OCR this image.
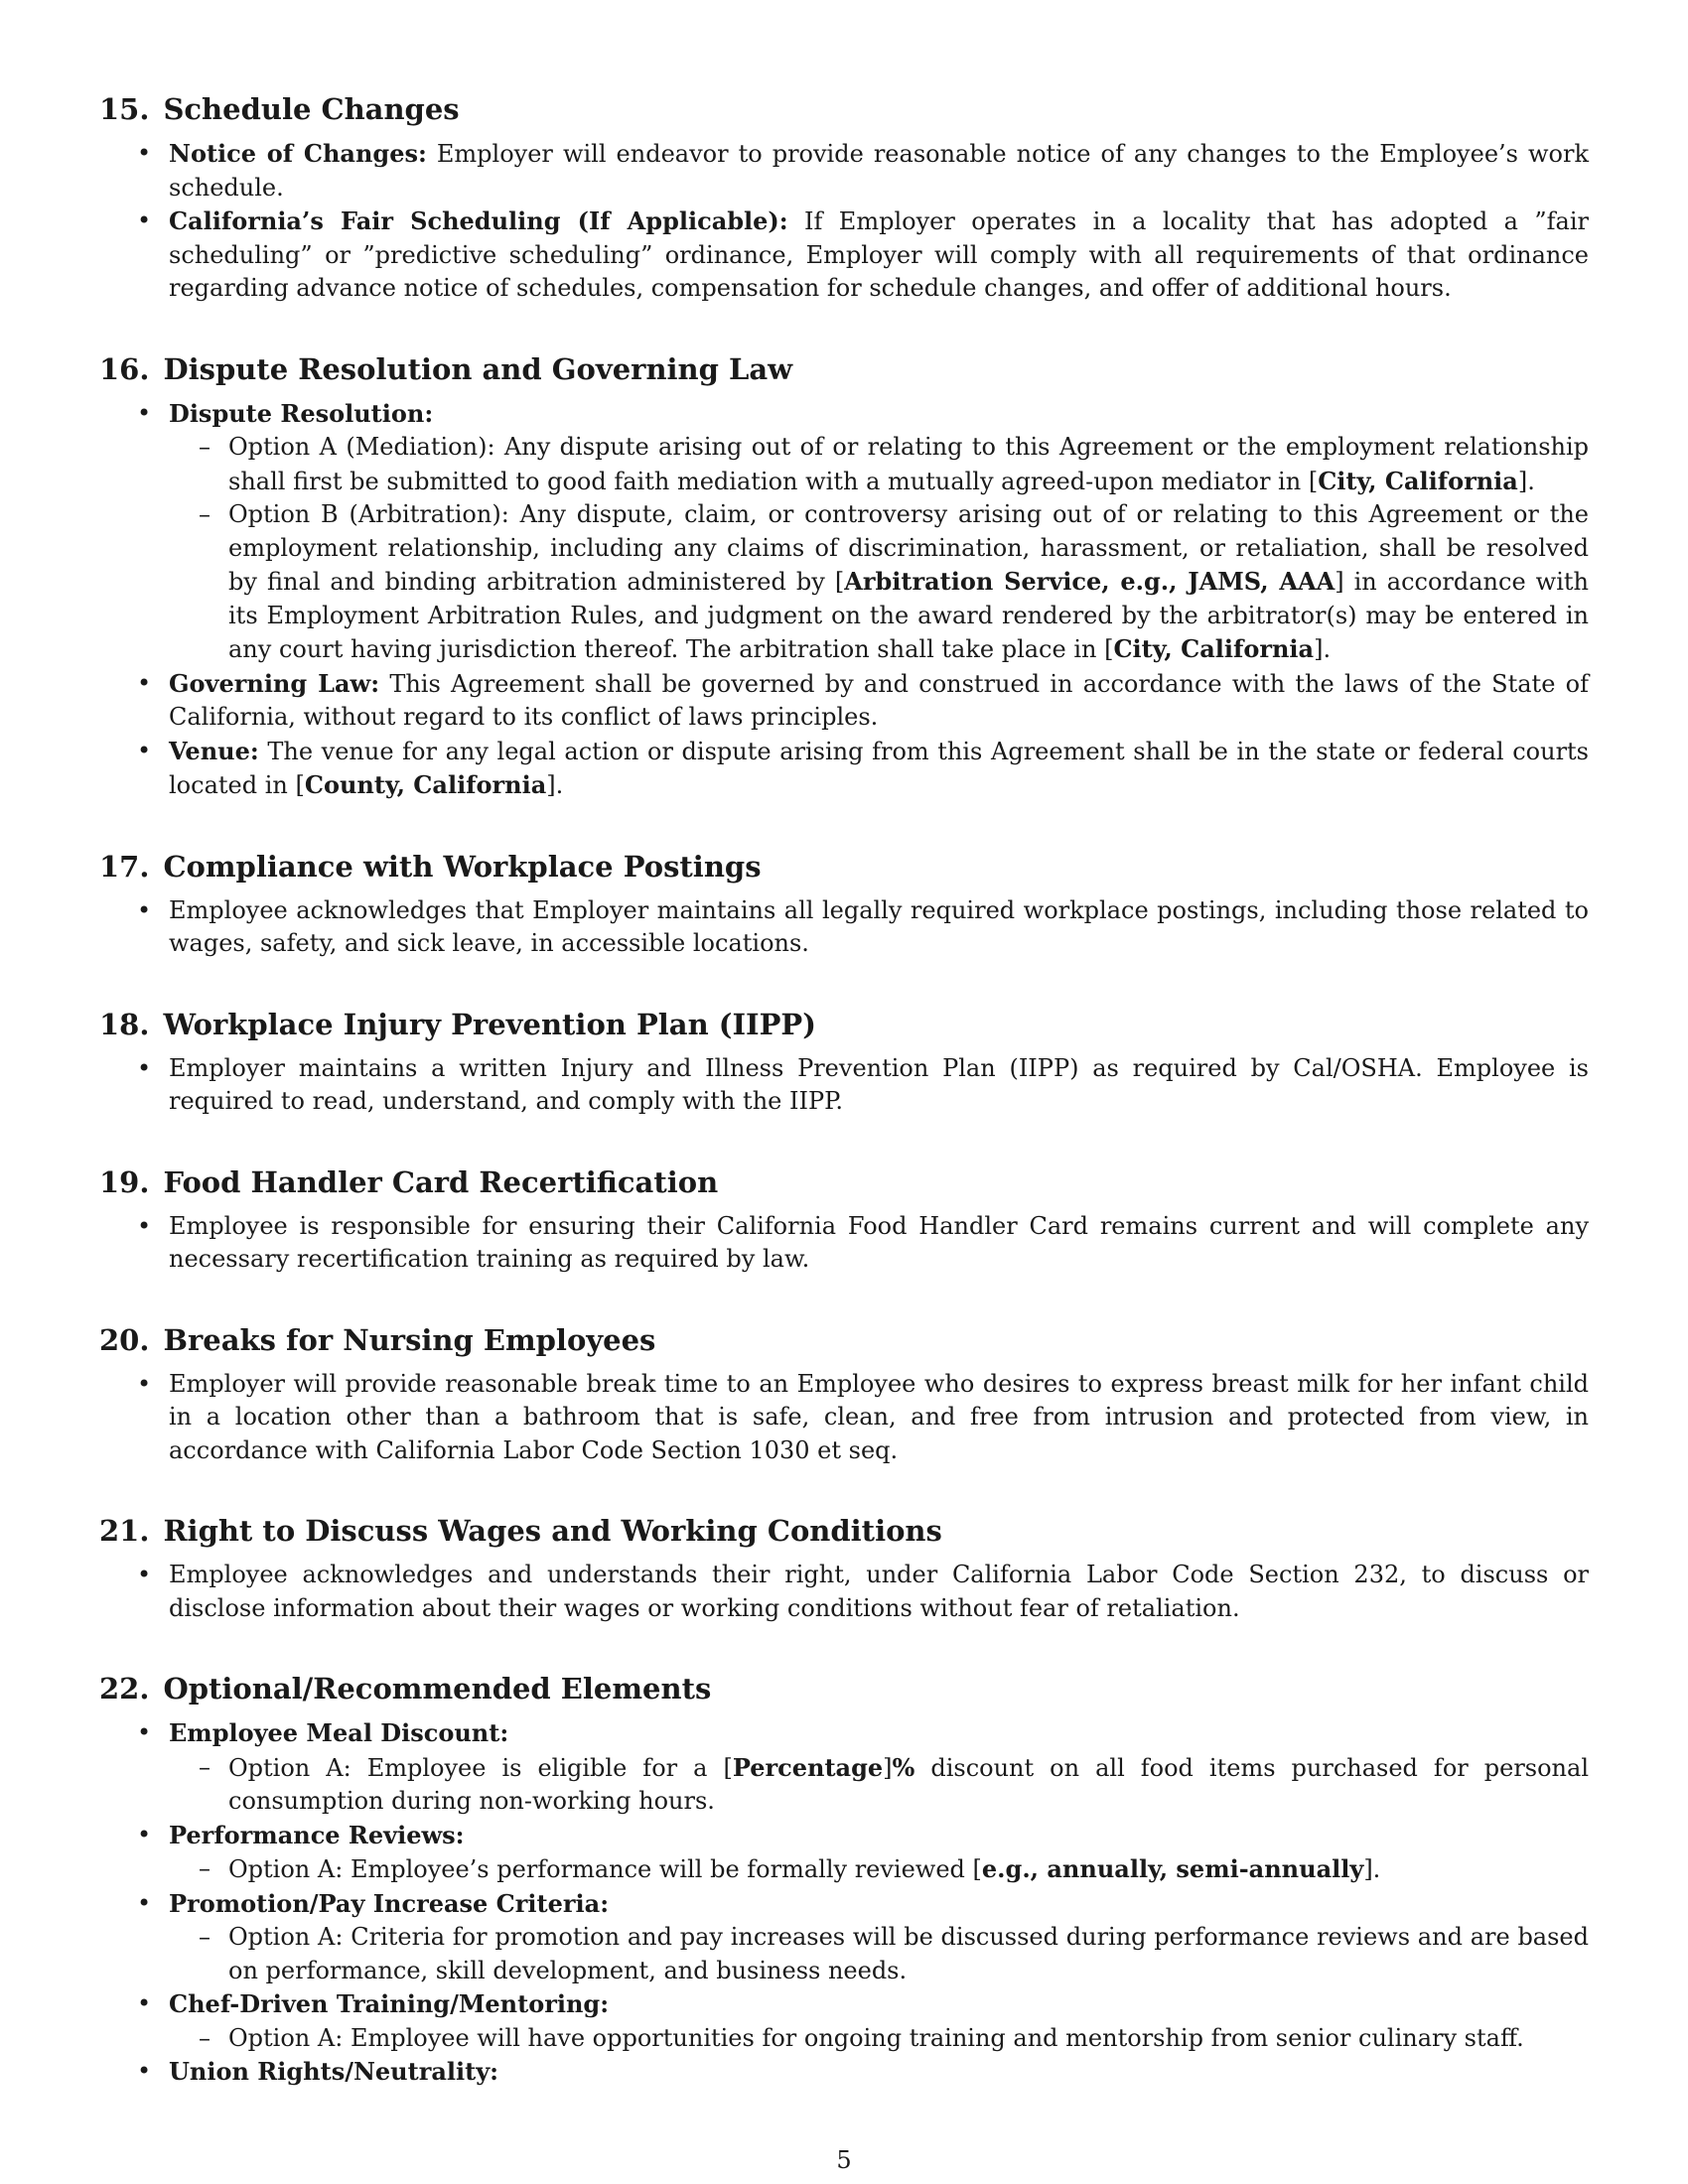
15. Schedule Changes
• Notice of Changes: Employer will endeavor to provide reasonable notice of any changes to the Employee’s work schedule.
• California’s Fair Scheduling (If Applicable): If Employer operates in a locality that has adopted a ”fair scheduling” or ”predictive scheduling” ordinance, Employer will comply with all requirements of that ordinance regarding advance notice of schedules, compensation for schedule changes, and offer of additional hours.
16. Dispute Resolution and Governing Law
• Dispute Resolution:
– Option A (Mediation): Any dispute arising out of or relating to this Agreement or the employment relationship shall first be submitted to good faith mediation with a mutually agreed-upon mediator in [City, California].
– Option B (Arbitration): Any dispute, claim, or controversy arising out of or relating to this Agreement or the employment relationship, including any claims of discrimination, harassment, or retaliation, shall be resolved by final and binding arbitration administered by [Arbitration Service, e.g., JAMS, AAA] in accordance with its Employment Arbitration Rules, and judgment on the award rendered by the arbitrator(s) may be entered in any court having jurisdiction thereof. The arbitration shall take place in [City, California].
• Governing Law: This Agreement shall be governed by and construed in accordance with the laws of the State of California, without regard to its conflict of laws principles.
• Venue: The venue for any legal action or dispute arising from this Agreement shall be in the state or federal courts located in [County, California].
17. Compliance with Workplace Postings
• Employee acknowledges that Employer maintains all legally required workplace postings, including those related to wages, safety, and sick leave, in accessible locations.
18. Workplace Injury Prevention Plan (IIPP)
• Employer maintains a written Injury and Illness Prevention Plan (IIPP) as required by Cal/OSHA. Employee is required to read, understand, and comply with the IIPP.
19. Food Handler Card Recertification
• Employee is responsible for ensuring their California Food Handler Card remains current and will complete any necessary recertification training as required by law.
20. Breaks for Nursing Employees
• Employer will provide reasonable break time to an Employee who desires to express breast milk for her infant child in a location other than a bathroom that is safe, clean, and free from intrusion and protected from view, in accordance with California Labor Code Section 1030 et seq.
21. Right to Discuss Wages and Working Conditions
• Employee acknowledges and understands their right, under California Labor Code Section 232, to discuss or disclose information about their wages or working conditions without fear of retaliation.
22. Optional/Recommended Elements
• Employee Meal Discount:
– Option A: Employee is eligible for a [Percentage]% discount on all food items purchased for personal consumption during non-working hours.
• Performance Reviews:
– Option A: Employee’s performance will be formally reviewed [e.g., annually, semi-annually].
• Promotion/Pay Increase Criteria:
– Option A: Criteria for promotion and pay increases will be discussed during performance reviews and are based on performance, skill development, and business needs.
• Chef-Driven Training/Mentoring:
– Option A: Employee will have opportunities for ongoing training and mentorship from senior culinary staff.
• Union Rights/Neutrality:
5
